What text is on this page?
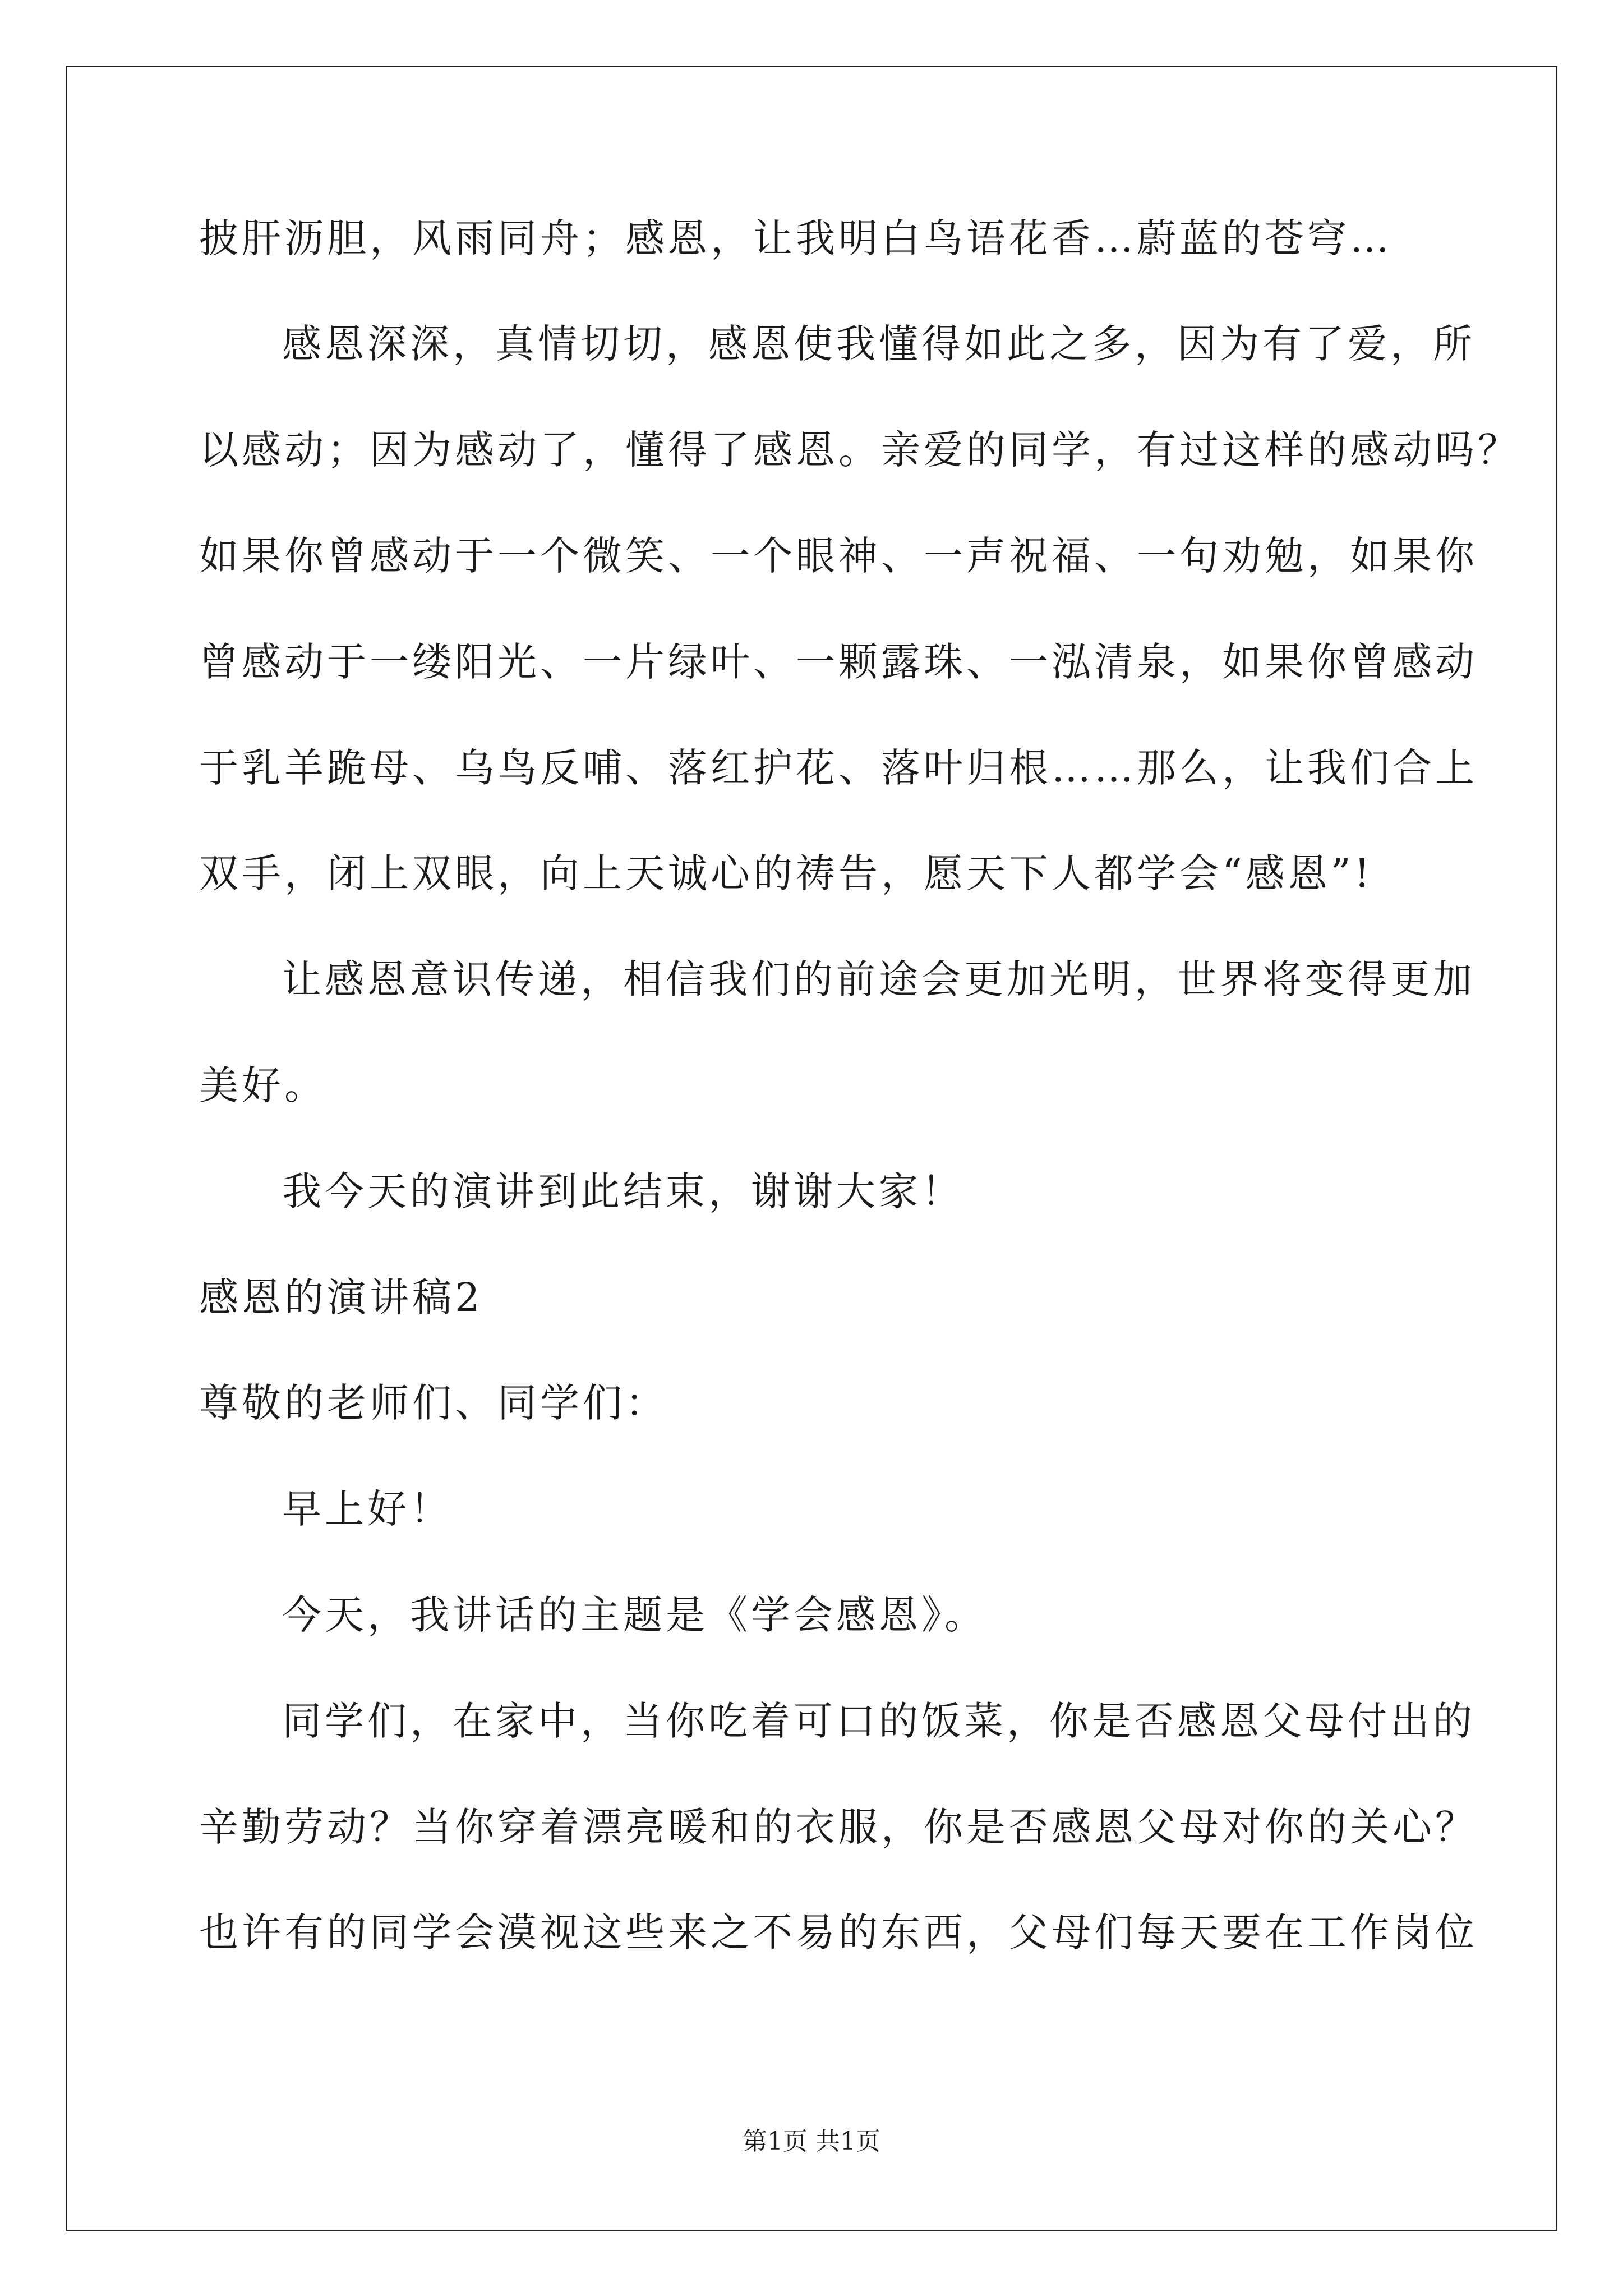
披肝沥胆，风雨同舟；感恩，让我明白鸟语花香…蔚蓝的苍穹…
感恩深深，真情切切，感恩使我懂得如此之多，因为有了爱，所
以感动；因为感动了，懂得了感恩。亲爱的同学，有过这样的感动吗？
如果你曾感动于一个微笑、一个眼神、一声祝福、一句劝勉，如果你
曾感动于一缕阳光、一片绿叶、一颗露珠、一泓清泉，如果你曾感动
于乳羊跪母、乌鸟反哺、落红护花、落叶归根……那么，让我们合上
双手，闭上双眼，向上天诚心的祷告，愿天下人都学会“感恩”!
让感恩意识传递，相信我们的前途会更加光明，世界将变得更加
美好。
我今天的演讲到此结束，谢谢大家！
感恩的演讲稿2
尊敬的老师们、同学们：
早上好！
今天，我讲话的主题是《学会感恩》。
同学们，在家中，当你吃着可口的饭菜，你是否感恩父母付出的
辛勤劳动？当你穿着漂亮暖和的衣服，你是否感恩父母对你的关心？
也许有的同学会漠视这些来之不易的东西，父母们每天要在工作岗位
第1页 共1页
